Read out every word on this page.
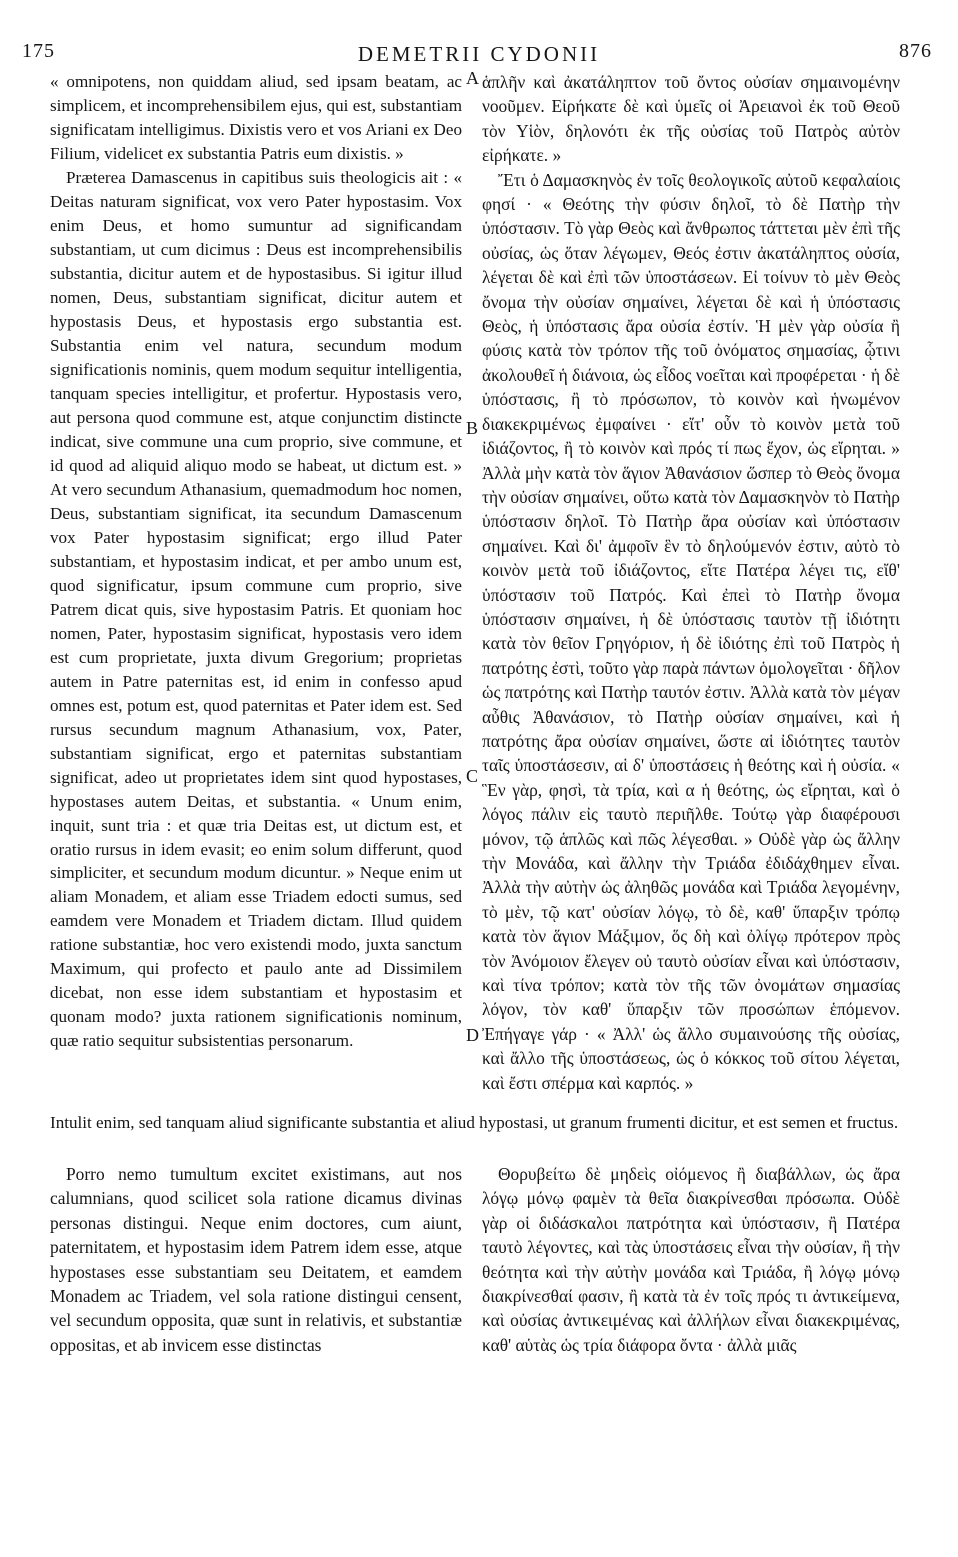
175	DEMETRII CYDONII	876
A
B
C
D

« omnipotens, non quiddam aliud, sed ipsam beatam, ac simplicem, et incomprehensibilem ejus, qui est, substantiam significatam intelligimus. Dixistis vero et vos Ariani ex Deo Filium, videlicet ex substantia Patris eum dixistis. »

Præterea Damascenus in capitibus suis theologicis ait : « Deitas naturam significat, vox vero Pater hypostasim. Vox enim Deus, et homo sumuntur ad significandam substantiam, ut cum dicimus : Deus est incomprehensibilis substantia, dicitur autem et de hypostasibus. Si igitur illud nomen, Deus, substantiam significat, dicitur autem et hypostasis Deus, et hypostasis ergo substantia est. Substantia enim vel natura, secundum modum significationis nominis, quem modum sequitur intelligentia, tanquam species intelligitur, et profertur. Hypostasis vero, aut persona quod commune est, atque conjunctim distincte indicat, sive commune una cum proprio, sive commune, et id quod ad aliquid aliquo modo se habeat, ut dictum est. » At vero secundum Athanasium, quemadmodum hoc nomen, Deus, substantiam significat, ita secundum Damascenum vox Pater hypostasim significat; ergo illud Pater substantiam, et hypostasim indicat, et per ambo unum est, quod significatur, ipsum commune cum proprio, sive Patrem dicat quis, sive hypostasim Patris. Et quoniam hoc nomen, Pater, hypostasim significat, hypostasis vero idem est cum proprietate, juxta divum Gregorium; proprietas autem in Patre paternitas est, id enim in confesso apud omnes est, potum est, quod paternitas et Pater idem est. Sed rursus secundum magnum Athanasium, vox, Pater, substantiam significat, ergo et paternitas substantiam significat, adeo ut proprietates idem sint quod hypostases, hypostases autem Deitas, et substantia. « Unum enim, inquit, sunt tria : et quæ tria Deitas est, ut dictum est, et oratio rursus in idem evasit; eo enim solum differunt, quod simpliciter, et secundum modum dicuntur. » Neque enim ut aliam Monadem, et aliam esse Triadem edocti sumus, sed eamdem vere Monadem et Triadem dictam. Illud quidem ratione substantiæ, hoc vero existendi modo, juxta sanctum Maximum, qui profecto et paulo ante ad Dissimilem dicebat, non esse idem substantiam et hypostasim et quonam modo? juxta rationem significationis nominum, quæ ratio sequitur subsistentias personarum.

ἁπλῆν καὶ ἀκατάληπτον τοῦ ὄντος οὐσίαν σημαινομένην νοοῦμεν. Εἰρήκατε δὲ καὶ ὑμεῖς οἱ Ἀρειανοὶ ἐκ τοῦ Θεοῦ τὸν Υἱὸν, δηλονότι ἐκ τῆς οὐσίας τοῦ Πατρὸς αὐτὸν εἰρήκατε. »

Ἔτι ὁ Δαμασκηνὸς ἐν τοῖς θεολογικοῖς αὐτοῦ κεφαλαίοις φησί · « Θεότης τὴν φύσιν δηλοῖ, τὸ δὲ Πατὴρ τὴν ὑπόστασιν. Τὸ γὰρ Θεὸς καὶ ἄνθρωπος τάττεται μὲν ἐπὶ τῆς οὐσίας, ὡς ὅταν λέγωμεν, Θεός ἐστιν ἀκατάληπτος οὐσία, λέγεται δὲ καὶ ἐπὶ τῶν ὑποστάσεων. Εἰ τοίνυν τὸ μὲν Θεὸς ὄνομα τὴν οὐσίαν σημαίνει, λέγεται δὲ καὶ ἡ ὑπόστασις Θεὸς, ἡ ὑπόστασις ἄρα οὐσία ἐστίν. Ἡ μὲν γὰρ οὐσία ἢ φύσις κατὰ τὸν τρόπον τῆς τοῦ ὀνόματος σημασίας, ᾧτινι ἀκολουθεῖ ἡ διάνοια, ὡς εἶδος νοεῖται καὶ προφέρεται · ἡ δὲ ὑπόστασις, ἢ τὸ πρόσωπον, τὸ κοινὸν καὶ ἡνωμένον διακεκριμένως ἐμφαίνει · εἴτ' οὖν τὸ κοινὸν μετὰ τοῦ ἰδιάζοντος, ἢ τὸ κοινὸν καὶ πρός τί πως ἔχον, ὡς εἴρηται. » Ἀλλὰ μὴν κατὰ τὸν ἅγιον Ἀθανάσιον ὥσπερ τὸ Θεὸς ὄνομα τὴν οὐσίαν σημαίνει, οὕτω κατὰ τὸν Δαμασκηνὸν τὸ Πατὴρ ὑπόστασιν δηλοῖ. Τὸ Πατὴρ ἄρα οὐσίαν καὶ ὑπόστασιν σημαίνει. Καὶ δι' ἀμφοῖν ἓν τὸ δηλούμενόν ἐστιν, αὐτὸ τὸ κοινὸν μετὰ τοῦ ἰδιάζοντος, εἴτε Πατέρα λέγει τις, εἴθ' ὑπόστασιν τοῦ Πατρός. Καὶ ἐπεὶ τὸ Πατὴρ ὄνομα ὑπόστασιν σημαίνει, ἡ δὲ ὑπόστασις ταυτὸν τῇ ἰδιότητι κατὰ τὸν θεῖον Γρηγόριον, ἡ δὲ ἰδιότης ἐπὶ τοῦ Πατρὸς ἡ πατρότης ἐστὶ, τοῦτο γὰρ παρὰ πάντων ὁμολογεῖται · δῆλον ὡς πατρότης καὶ Πατὴρ ταυτόν ἐστιν. Ἀλλὰ κατὰ τὸν μέγαν αὖθις Ἀθανάσιον, τὸ Πατὴρ οὐσίαν σημαίνει, καὶ ἡ πατρότης ἄρα οὐσίαν σημαίνει, ὥστε αἱ ἰδιότητες ταυτὸν ταῖς ὑποστάσεσιν, αἱ δ' ὑποστάσεις ἡ θεότης καὶ ἡ οὐσία. « Ἓν γὰρ, φησὶ, τὰ τρία, καὶ α ἡ θεότης, ὡς εἴρηται, καὶ ὁ λόγος πάλιν εἰς ταυτὸ περιῆλθε. Τούτῳ γὰρ διαφέρουσι μόνον, τῷ ἁπλῶς καὶ πῶς λέγεσθαι. » Οὐδὲ γὰρ ὡς ἄλλην τὴν Μονάδα, καὶ ἄλλην τὴν Τριάδα ἐδιδάχθημεν εἶναι. Ἀλλὰ τὴν αὐτὴν ὡς ἀληθῶς μονάδα καὶ Τριάδα λεγομένην, τὸ μὲν, τῷ κατ' οὐσίαν λόγῳ, τὸ δὲ, καθ' ὕπαρξιν τρόπῳ κατὰ τὸν ἅγιον Μάξιμον, ὅς δὴ καὶ ὀλίγῳ πρότερον πρὸς τὸν Ἀνόμοιον ἔλεγεν οὐ ταυτὸ οὐσίαν εἶναι καὶ ὑπόστασιν, καὶ τίνα τρόπον; κατὰ τὸν τῆς τῶν ὀνομάτων σημασίας λόγον, τὸν καθ' ὕπαρξιν τῶν προσώπων ἑπόμενον. Ἐπήγαγε γάρ · « Ἀλλ' ὡς ἄλλο συμαινούσης τῆς οὐσίας, καὶ ἄλλο τῆς ὑποστάσεως, ὡς ὁ κόκκος τοῦ σίτου λέγεται, καὶ ἔστι σπέρμα καὶ καρπός. »

Intulit enim, sed tanquam aliud significante substantia et aliud hypostasi, ut granum frumenti dicitur, et est semen et fructus.

Porro nemo tumultum excitet existimans, aut nos calumnians, quod scilicet sola ratione dicamus divinas personas distingui. Neque enim doctores, cum aiunt, paternitatem, et hypostasim idem Patrem idem esse, atque hypostases esse substantiam seu Deitatem, et eamdem Monadem ac Triadem, vel sola ratione distingui censent, vel secundum opposita, quæ sunt in relativis, et substantiæ oppositas, et ab invicem esse distinctas

Θορυβείτω δὲ μηδεὶς οἰόμενος ἢ διαβάλλων, ὡς ἄρα λόγῳ μόνῳ φαμὲν τὰ θεῖα διακρίνεσθαι πρόσωπα. Οὐδὲ γὰρ οἱ διδάσκαλοι πατρότητα καὶ ὑπόστασιν, ἢ Πατέρα ταυτὸ λέγοντες, καὶ τὰς ὑποστάσεις εἶναι τὴν οὐσίαν, ἢ τὴν θεότητα καὶ τὴν αὐτὴν μονάδα καὶ Τριάδα, ἢ λόγῳ μόνῳ διακρίνεσθαί φασιν, ἢ κατὰ τὰ ἐν τοῖς πρός τι ἀντικείμενα, καὶ οὐσίας ἀντικειμένας καὶ ἀλλήλων εἶναι διακεκριμένας, καθ' αὑτὰς ὡς τρία διάφορα ὄντα · ἀλλὰ μιᾶς
